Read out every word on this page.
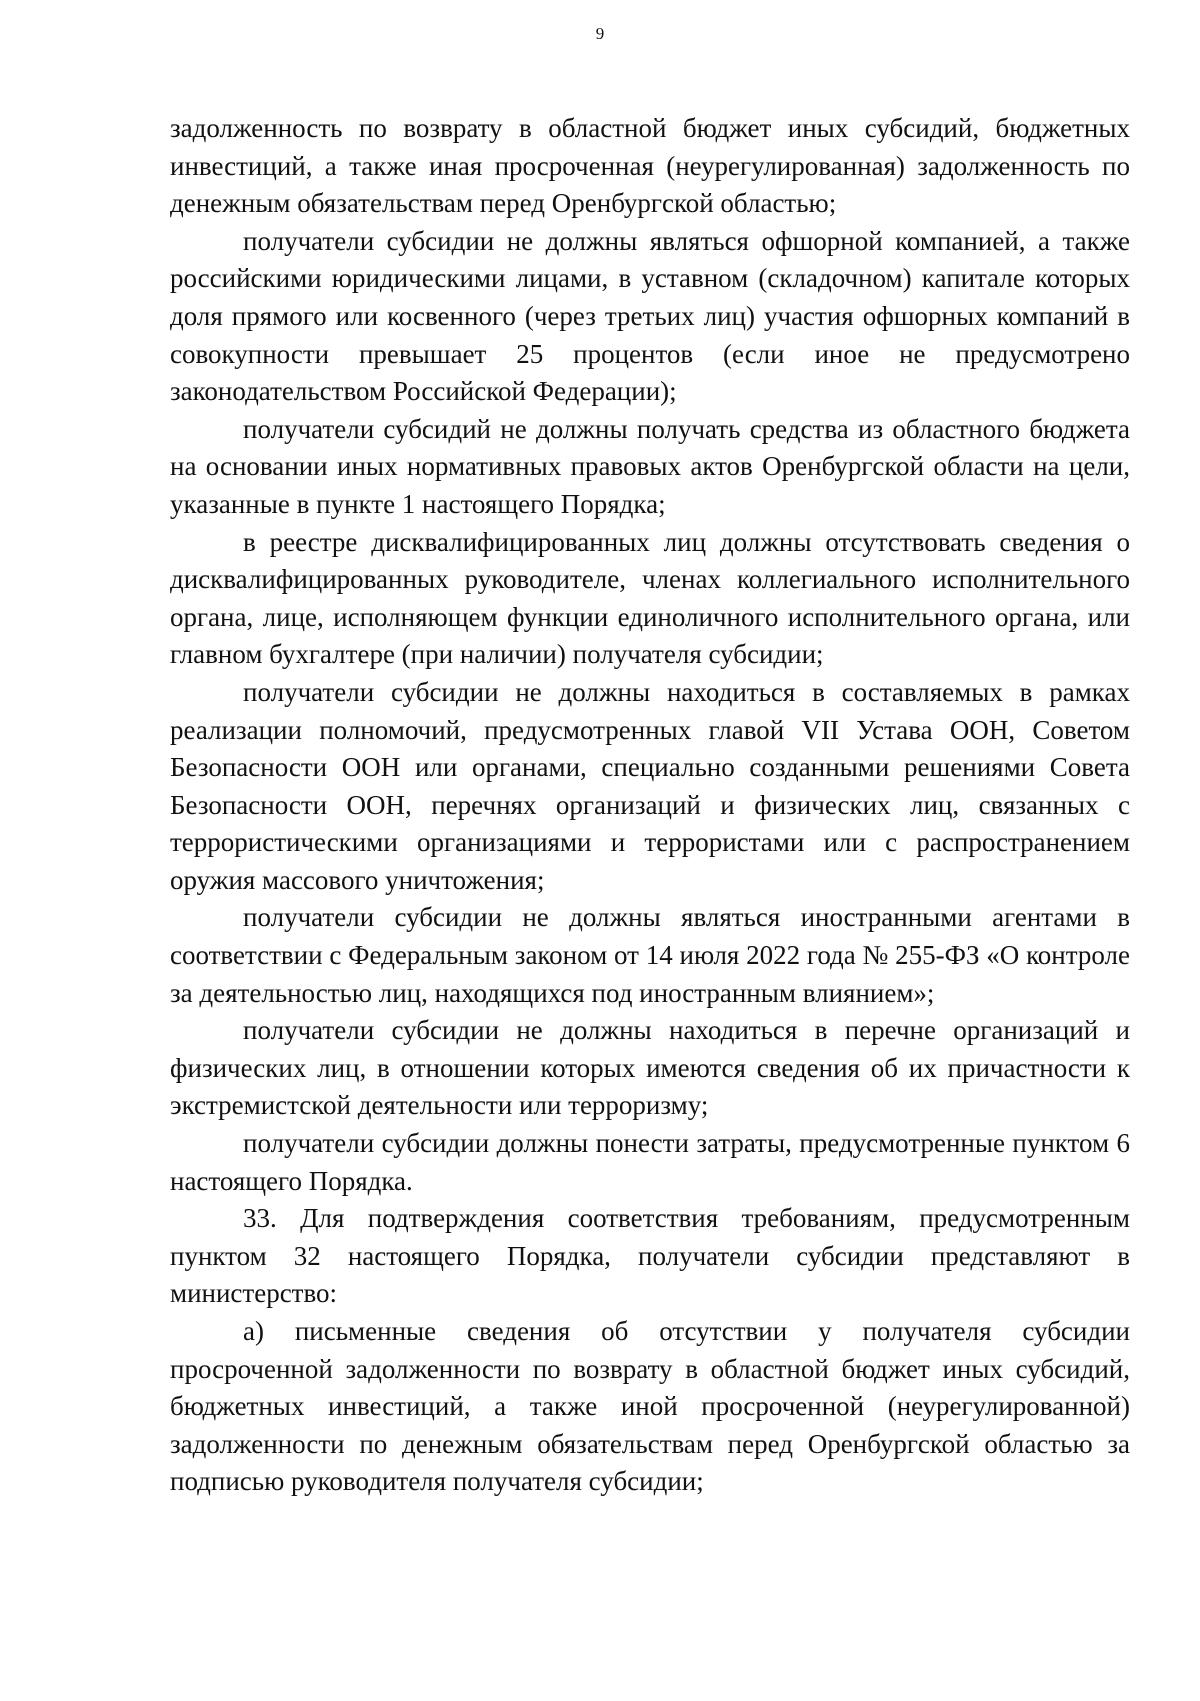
9

задолженность по возврату в областной бюджет иных субсидий, бюджетных инвестиций, а также иная просроченная (неурегулированная) задолженность по денежным обязательствам перед Оренбургской областью;

получатели субсидии не должны являться офшорной компанией, а также российскими юридическими лицами, в уставном (складочном) капитале которых доля прямого или косвенного (через третьих лиц) участия офшорных компаний в совокупности превышает 25 процентов (если иное не предусмотрено законодательством Российской Федерации);

получатели субсидий не должны получать средства из областного бюджета на основании иных нормативных правовых актов Оренбургской области на цели, указанные в пункте 1 настоящего Порядка;

в реестре дисквалифицированных лиц должны отсутствовать сведения о дисквалифицированных руководителе, членах коллегиального исполнительного органа, лице, исполняющем функции единоличного исполнительного органа, или главном бухгалтере (при наличии) получателя субсидии;

получатели субсидии не должны находиться в составляемых в рамках реализации полномочий, предусмотренных главой VII Устава ООН, Советом Безопасности ООН или органами, специально созданными решениями Совета Безопасности ООН, перечнях организаций и физических лиц, связанных с террористическими организациями и террористами или с распространением оружия массового уничтожения;

получатели субсидии не должны являться иностранными агентами в соответствии с Федеральным законом от 14 июля 2022 года № 255-ФЗ «О контроле за деятельностью лиц, находящихся под иностранным влиянием»;

получатели субсидии не должны находиться в перечне организаций и физических лиц, в отношении которых имеются сведения об их причастности к экстремистской деятельности или терроризму;

получатели субсидии должны понести затраты, предусмотренные пунктом 6 настоящего Порядка.

33. Для подтверждения соответствия требованиям, предусмотренным пунктом 32 настоящего Порядка, получатели субсидии представляют в министерство:

а) письменные сведения об отсутствии у получателя субсидии просроченной задолженности по возврату в областной бюджет иных субсидий, бюджетных инвестиций, а также иной просроченной (неурегулированной) задолженности по денежным обязательствам перед Оренбургской областью за подписью руководителя получателя субсидии;
